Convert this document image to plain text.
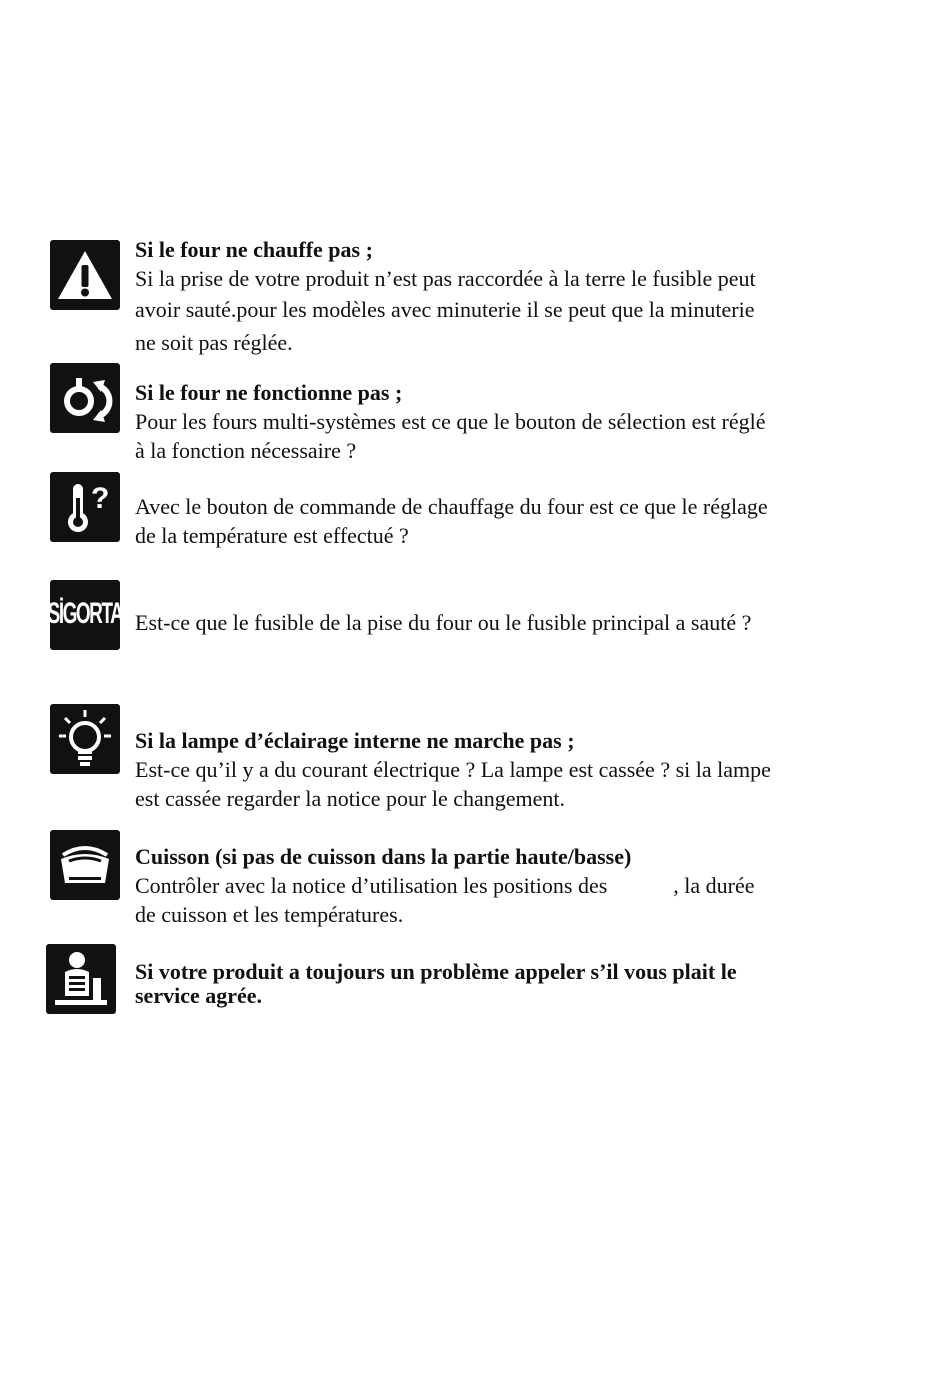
Si le four ne chauffe pas ;

Si la prise de votre produit n’est pas raccordée à la terre le fusible peut

avoir sauté.pour les modèles avec minuterie il se peut que la minuterie

ne soit pas réglée.

Si le four ne fonctionne pas ;

Pour les fours multi-systèmes est ce que le bouton de sélection est réglé

à la fonction nécessaire ?

? Avec le bouton de commande de chauffage du four est ce que le réglage

de la température est effectué ?

SİGORTA Est-ce que le fusible de la pise du four ou le fusible principal a sauté ?

Si la lampe d’éclairage interne ne marche pas ;

Est-ce qu’il y a du courant électrique ? La lampe est cassée ? si la lampe

est cassée regarder la notice pour le changement.

Cuisson (si pas de cuisson dans la partie haute/basse)

Contrôler avec la notice d’utilisation les positions des            , la durée

de cuisson et les températures.

Si votre produit a toujours un problème appeler s’il vous plait le

service agrée.
